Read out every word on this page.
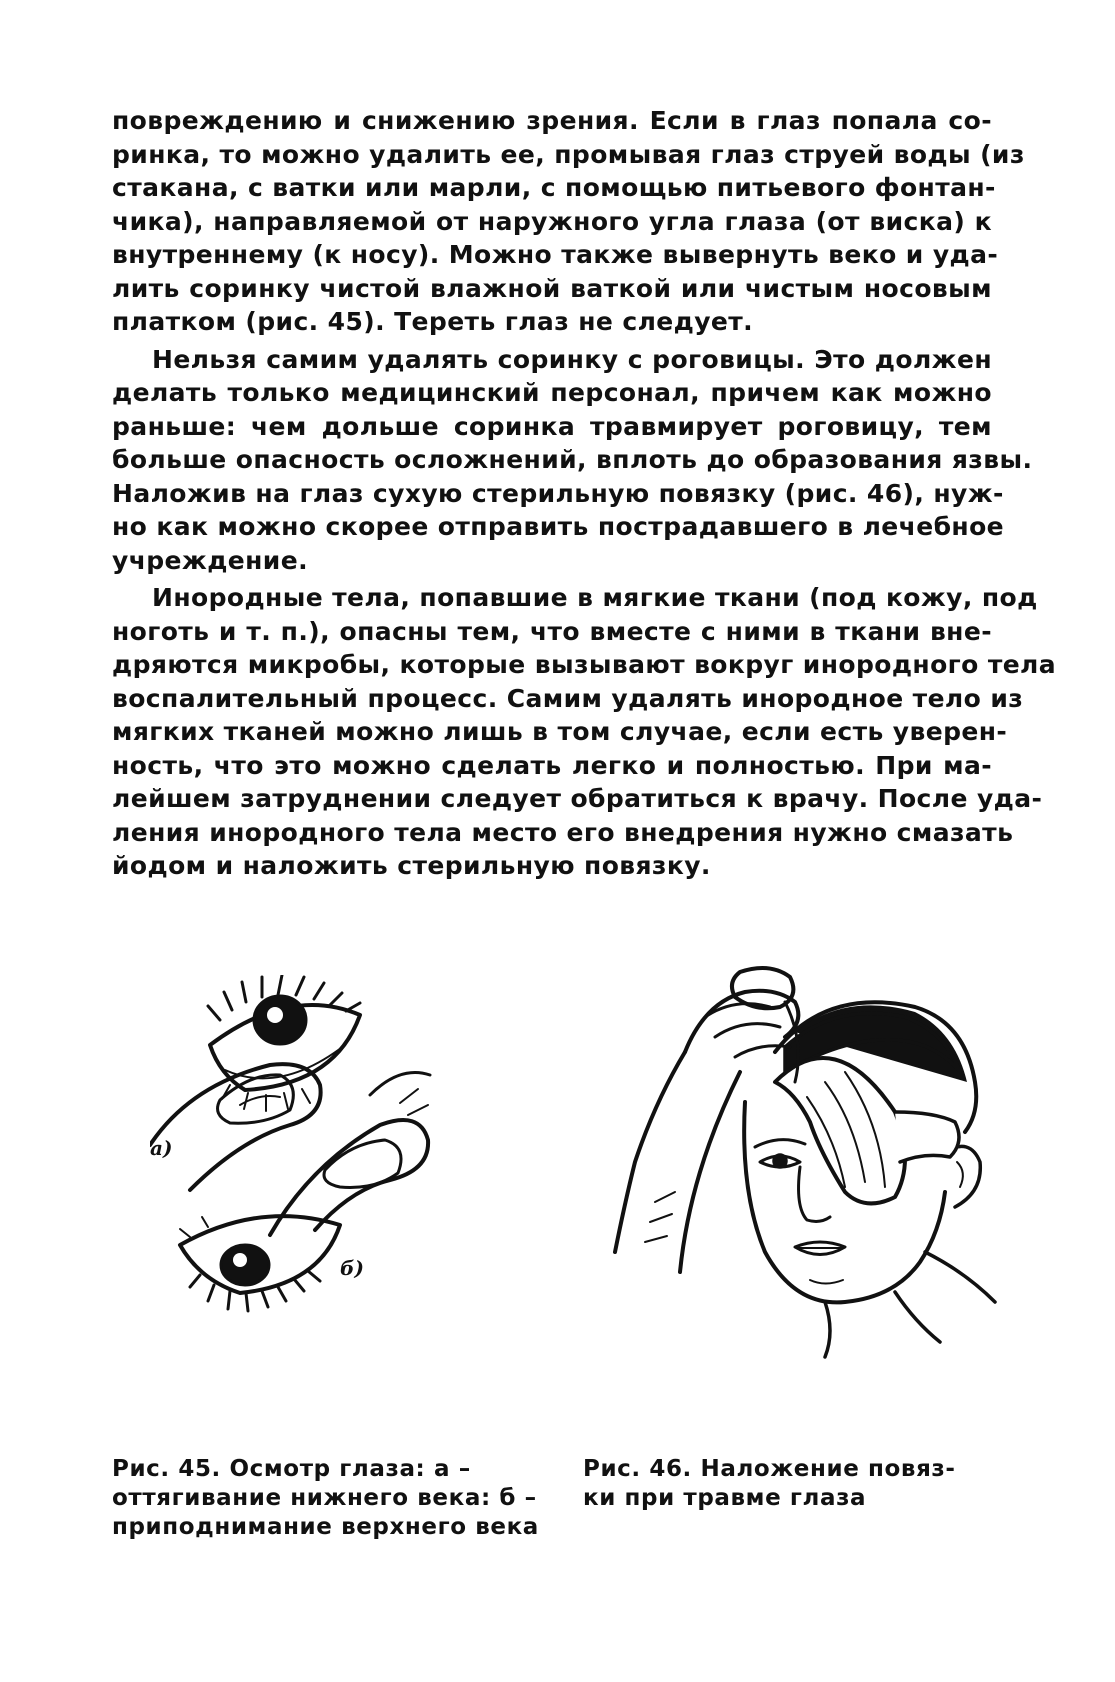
повреждению и снижению зрения. Если в глаз попала со-
ринка, то можно удалить ее, промывая глаз струей воды (из
стакана, с ватки или марли, с помощью питьевого фонтан-
чика), направляемой от наружного угла глаза (от виска) к
внутреннему (к носу). Можно также вывернуть веко и уда-
лить соринку чистой влажной ваткой или чистым носовым
платком (рис. 45). Тереть глаз не следует.
Нельзя самим удалять соринку с роговицы. Это должен
делать только медицинский персонал, причем как можно
раньше: чем дольше соринка травмирует роговицу, тем
больше опасность осложнений, вплоть до образования язвы.
Наложив на глаз сухую стерильную повязку (рис. 46), нуж-
но как можно скорее отправить пострадавшего в лечебное
учреждение.
Инородные тела, попавшие в мягкие ткани (под кожу, под
ноготь и т. п.), опасны тем, что вместе с ними в ткани вне-
дряются микробы, которые вызывают вокруг инородного тела
воспалительный процесс. Самим удалять инородное тело из
мягких тканей можно лишь в том случае, если есть уверен-
ность, что это можно сделать легко и полностью. При ма-
лейшем затруднении следует обратиться к врачу. После уда-
ления инородного тела место его внедрения нужно смазать
йодом и наложить стерильную повязку.
а)
б)
Рис. 45. Осмотр глаза: а –
оттягивание нижнего века: б –
приподнимание верхнего века
Рис. 46. Наложение повяз-
ки при травме глаза
